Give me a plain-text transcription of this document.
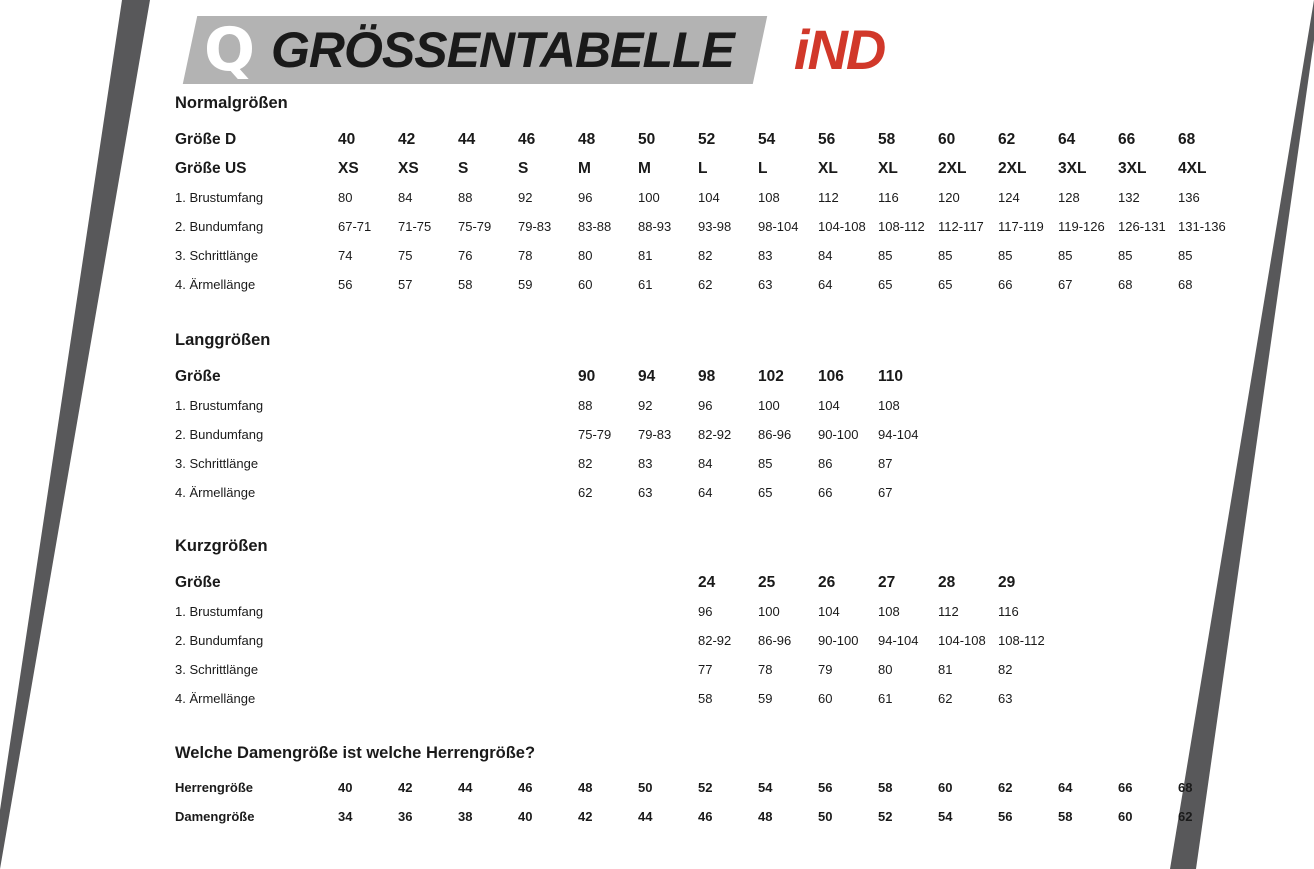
Q GRÖSSENTABELLE iND
Normalgrößen
Größe D	40	42	44	46	48	50	52	54	56	58	60	62	64	66	68
Größe US	XS	XS	S	S	M	M	L	L	XL	XL	2XL	2XL	3XL	3XL	4XL
1. Brustumfang	80	84	88	92	96	100	104	108	112	116	120	124	128	132	136
2. Bundumfang	67-71	71-75	75-79	79-83	83-88	88-93	93-98	98-104	104-108	108-112	112-117	117-119	119-126	126-131	131-136
3. Schrittlänge	74	75	76	78	80	81	82	83	84	85	85	85	85	85	85
4. Ärmellänge	56	57	58	59	60	61	62	63	64	65	65	66	67	68	68
Langgrößen
Größe					90	94	98	102	106	110
1. Brustumfang					88	92	96	100	104	108
2. Bundumfang					75-79	79-83	82-92	86-96	90-100	94-104
3. Schrittlänge					82	83	84	85	86	87
4. Ärmellänge					62	63	64	65	66	67
Kurzgrößen
Größe							24	25	26	27	28	29
1. Brustumfang							96	100	104	108	112	116
2. Bundumfang							82-92	86-96	90-100	94-104	104-108	108-112
3. Schrittlänge							77	78	79	80	81	82
4. Ärmellänge							58	59	60	61	62	63
Welche Damengröße ist welche Herrengröße?
Herrengröße	40	42	44	46	48	50	52	54	56	58	60	62	64	66	68
Damengröße	34	36	38	40	42	44	46	48	50	52	54	56	58	60	62
